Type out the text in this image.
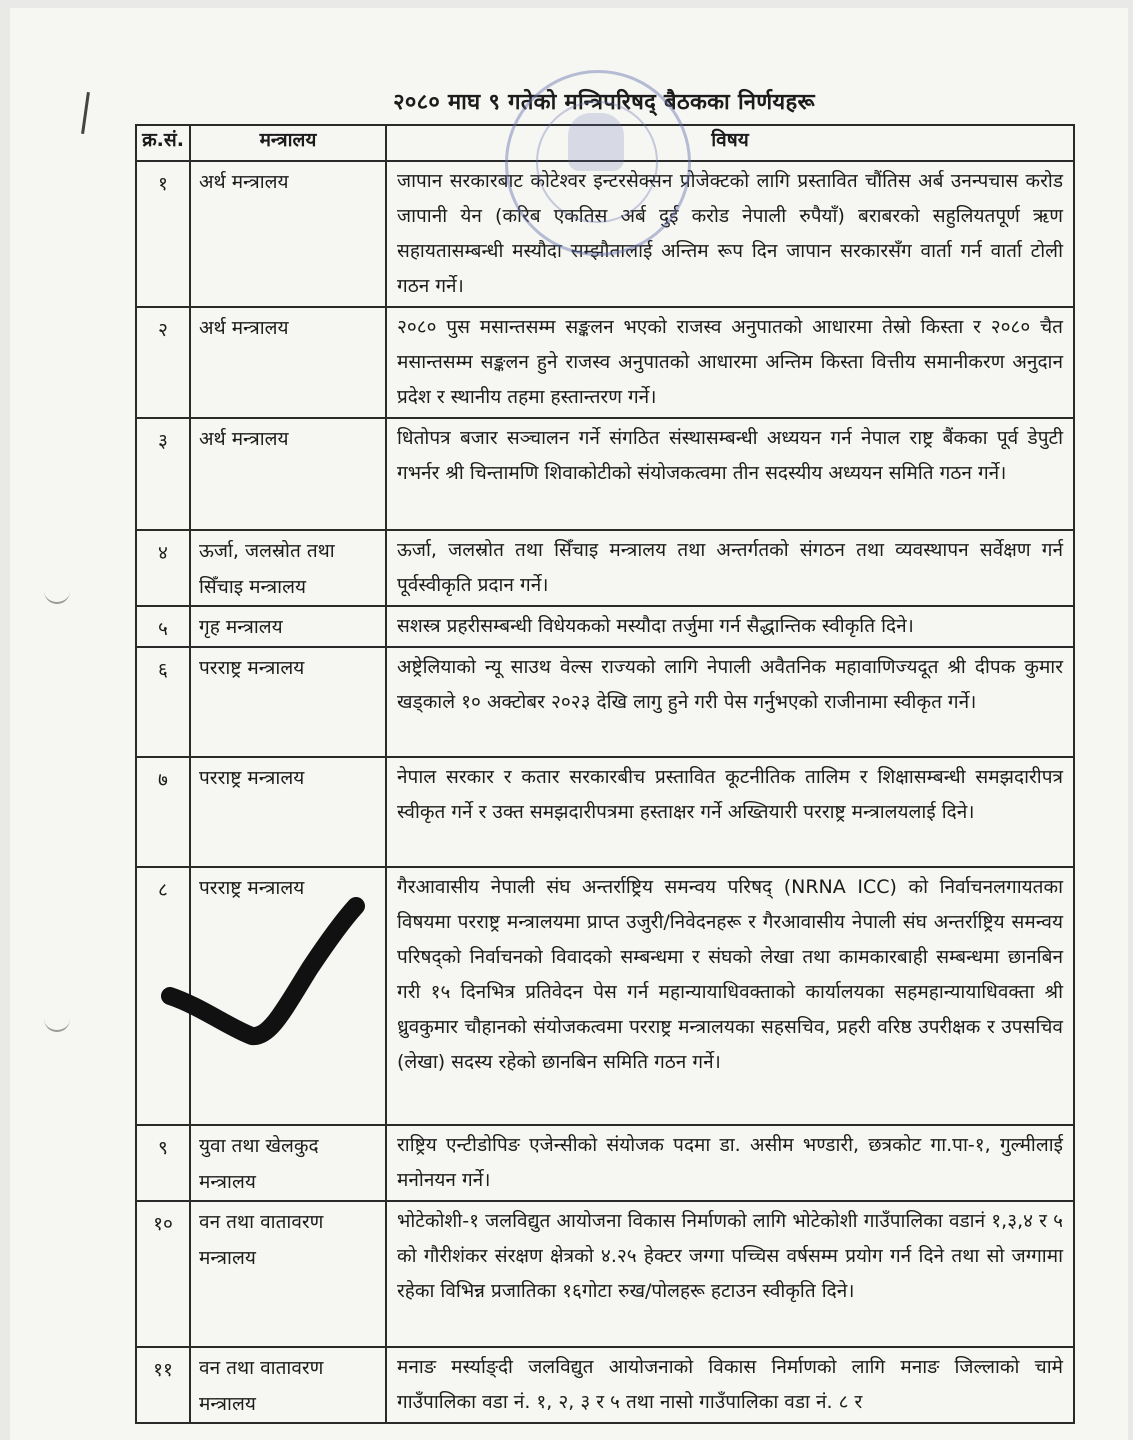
२०८० माघ ९ गतेको मन्त्रिपरिषद् बैठकका निर्णयहरू
क्र.सं.	मन्त्रालय	विषय
१	अर्थ मन्त्रालय	जापान सरकारबाट कोटेश्वर इन्टरसेक्सन प्रोजेक्टको लागि प्रस्तावित चौंतिस अर्ब उनन्पचास करोड जापानी येन (करिब एकतिस अर्ब दुई करोड नेपाली रुपैयाँ) बराबरको सहुलियतपूर्ण ऋण सहायतासम्बन्धी मस्यौदा सम्झौतालाई अन्तिम रूप दिन जापान सरकारसँग वार्ता गर्न वार्ता टोली गठन गर्ने।
२	अर्थ मन्त्रालय	२०८० पुस मसान्तसम्म सङ्कलन भएको राजस्व अनुपातको आधारमा तेस्रो किस्ता र २०८० चैत मसान्तसम्म सङ्कलन हुने राजस्व अनुपातको आधारमा अन्तिम किस्ता वित्तीय समानीकरण अनुदान प्रदेश र स्थानीय तहमा हस्तान्तरण गर्ने।
३	अर्थ मन्त्रालय	धितोपत्र बजार सञ्चालन गर्ने संगठित संस्थासम्बन्धी अध्ययन गर्न नेपाल राष्ट्र बैंकका पूर्व डेपुटी गभर्नर श्री चिन्तामणि शिवाकोटीको संयोजकत्वमा तीन सदस्यीय अध्ययन समिति गठन गर्ने।
४	ऊर्जा, जलस्रोत तथा सिँचाइ मन्त्रालय	ऊर्जा, जलस्रोत तथा सिँचाइ मन्त्रालय तथा अन्तर्गतको संगठन तथा व्यवस्थापन सर्वेक्षण गर्न पूर्वस्वीकृति प्रदान गर्ने।
५	गृह मन्त्रालय	सशस्त्र प्रहरीसम्बन्धी विधेयकको मस्यौदा तर्जुमा गर्न सैद्धान्तिक स्वीकृति दिने।
६	परराष्ट्र मन्त्रालय	अष्ट्रेलियाको न्यू साउथ वेल्स राज्यको लागि नेपाली अवैतनिक महावाणिज्यदूत श्री दीपक कुमार खड्काले १० अक्टोबर २०२३ देखि लागु हुने गरी पेस गर्नुभएको राजीनामा स्वीकृत गर्ने।
७	परराष्ट्र मन्त्रालय	नेपाल सरकार र कतार सरकारबीच प्रस्तावित कूटनीतिक तालिम र शिक्षासम्बन्धी समझदारीपत्र स्वीकृत गर्ने र उक्त समझदारीपत्रमा हस्ताक्षर गर्ने अख्तियारी परराष्ट्र मन्त्रालयलाई दिने।
८	परराष्ट्र मन्त्रालय	गैरआवासीय नेपाली संघ अन्तर्राष्ट्रिय समन्वय परिषद् (NRNA ICC) को निर्वाचनलगायतका विषयमा परराष्ट्र मन्त्रालयमा प्राप्त उजुरी/निवेदनहरू र गैरआवासीय नेपाली संघ अन्तर्राष्ट्रिय समन्वय परिषद्को निर्वाचनको विवादको सम्बन्धमा र संघको लेखा तथा कामकारबाही सम्बन्धमा छानबिन गरी १५ दिनभित्र प्रतिवेदन पेस गर्न महान्यायाधिवक्ताको कार्यालयका सहमहान्यायाधिवक्ता श्री ध्रुवकुमार चौहानको संयोजकत्वमा परराष्ट्र मन्त्रालयका सहसचिव, प्रहरी वरिष्ठ उपरीक्षक र उपसचिव (लेखा) सदस्य रहेको छानबिन समिति गठन गर्ने।
९	युवा तथा खेलकुद मन्त्रालय	राष्ट्रिय एन्टीडोपिङ एजेन्सीको संयोजक पदमा डा. असीम भण्डारी, छत्रकोट गा.पा-१, गुल्मीलाई मनोनयन गर्ने।
१०	वन तथा वातावरण मन्त्रालय	भोटेकोशी-१ जलविद्युत आयोजना विकास निर्माणको लागि भोटेकोशी गाउँपालिका वडानं १,३,४ र ५ को गौरीशंकर संरक्षण क्षेत्रको ४.२५ हेक्टर जग्गा पच्चिस वर्षसम्म प्रयोग गर्न दिने तथा सो जग्गामा रहेका विभिन्न प्रजातिका १६गोटा रुख/पोलहरू हटाउन स्वीकृति दिने।
११	वन तथा वातावरण मन्त्रालय	मनाङ मर्स्याङ्दी जलविद्युत आयोजनाको विकास निर्माणको लागि मनाङ जिल्लाको चामे गाउँपालिका वडा नं. १, २, ३ र ५ तथा नासो गाउँपालिका वडा नं. ८ र
